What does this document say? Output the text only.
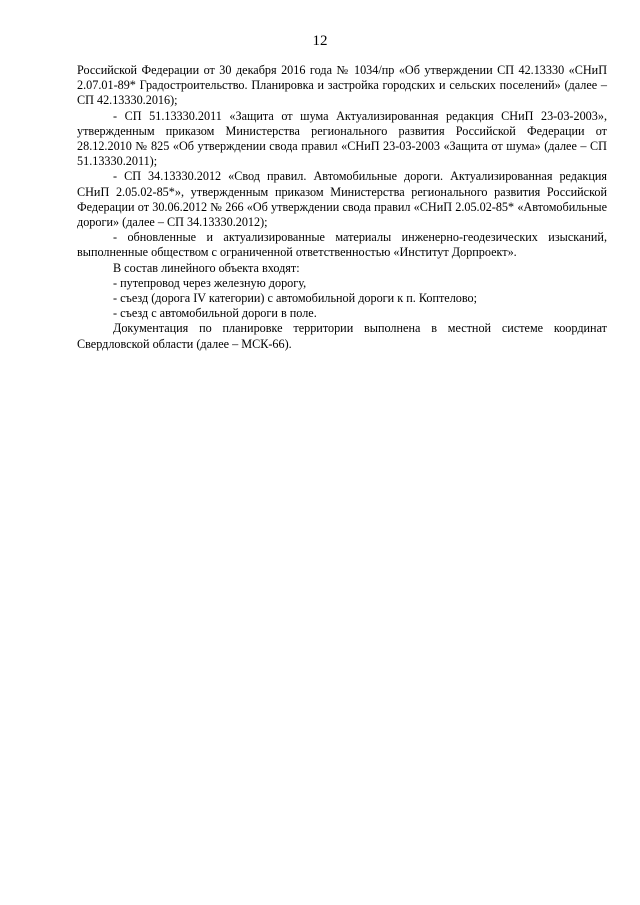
12

Российской Федерации от 30 декабря 2016 года № 1034/пр «Об утверждении СП 42.13330 «СНиП 2.07.01-89* Градостроительство. Планировка и застройка городских и сельских поселений» (далее – СП 42.13330.2016);

- СП 51.13330.2011 «Защита от шума Актуализированная редакция СНиП 23-03-2003», утвержденным приказом Министерства регионального развития Российской Федерации от 28.12.2010 № 825 «Об утверждении свода правил «СНиП 23-03-2003 «Защита от шума» (далее – СП 51.13330.2011);

- СП 34.13330.2012 «Свод правил. Автомобильные дороги. Актуализированная редакция СНиП 2.05.02-85*», утвержденным приказом Министерства регионального развития Российской Федерации от 30.06.2012 № 266 «Об утверждении свода правил «СНиП 2.05.02-85* «Автомобильные дороги» (далее – СП 34.13330.2012);

- обновленные и актуализированные материалы инженерно-геодезических изысканий, выполненные обществом с ограниченной ответственностью «Институт Дорпроект».

В состав линейного объекта входят:

- путепровод через железную дорогу,

- съезд (дорога IV категории) с автомобильной дороги к п. Коптелово;

- съезд с автомобильной дороги в поле.

Документация по планировке территории выполнена в местной системе координат Свердловской области (далее – МСК-66).
